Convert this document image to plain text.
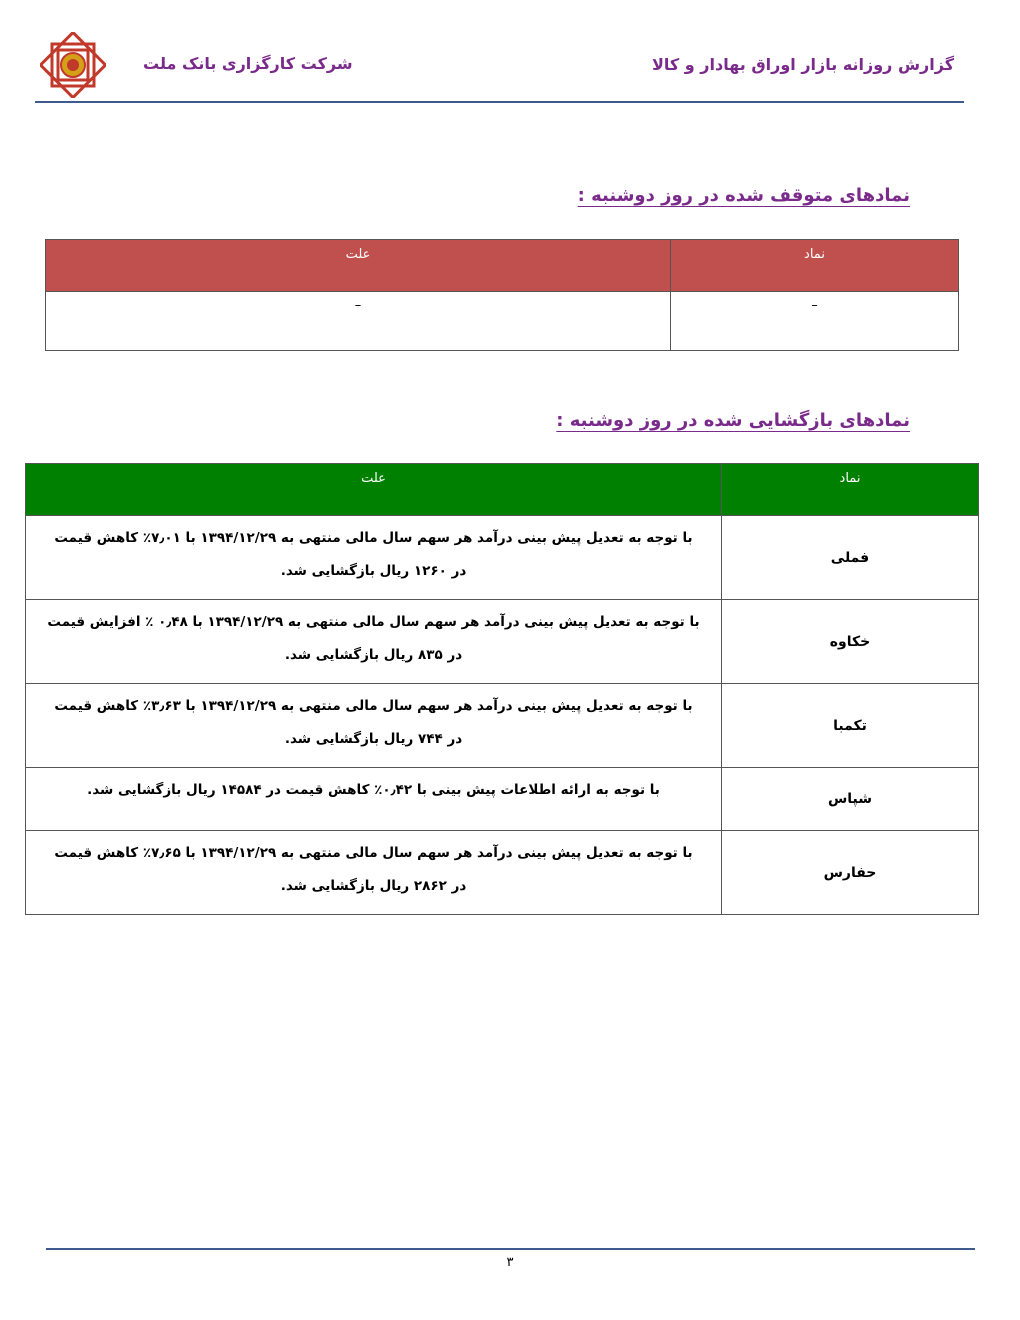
شرکت کارگزاری بانک ملت	گزارش روزانه بازار اوراق بهادار و کالا
نمادهای متوقف شده در روز دوشنبه :
نماد	علت
–	–
نمادهای بازگشایی شده در روز دوشنبه :
نماد	علت
فملی	با توجه به تعدیل پیش بینی درآمد هر سهم سال مالی منتهی به ۱۳۹۴/۱۲/۲۹ با ۷٫۰۱٪ کاهش قیمت
در ۱۲۶۰ ریال بازگشایی شد.

خکاوه	با توجه به تعدیل پیش بینی درآمد هر سهم سال مالی منتهی به ۱۳۹۴/۱۲/۲۹ با ۰٫۴۸ ٪ افزایش قیمت
در ۸۳۵ ریال بازگشایی شد.

تکمبا	با توجه به تعدیل پیش بینی درآمد هر سهم سال مالی منتهی به ۱۳۹۴/۱۲/۲۹ با ۳٫۶۳٪ کاهش قیمت
در ۷۴۴ ریال بازگشایی شد.

شپاس	با توجه به ارائه اطلاعات پیش بینی با ۰٫۴۲٪ کاهش قیمت در ۱۴۵۸۴ ریال بازگشایی شد.

حفارس	با توجه به تعدیل پیش بینی درآمد هر سهم سال مالی منتهی به ۱۳۹۴/۱۲/۲۹ با ۷٫۶۵٪ کاهش قیمت
در ۲۸۶۲ ریال بازگشایی شد.
۳
